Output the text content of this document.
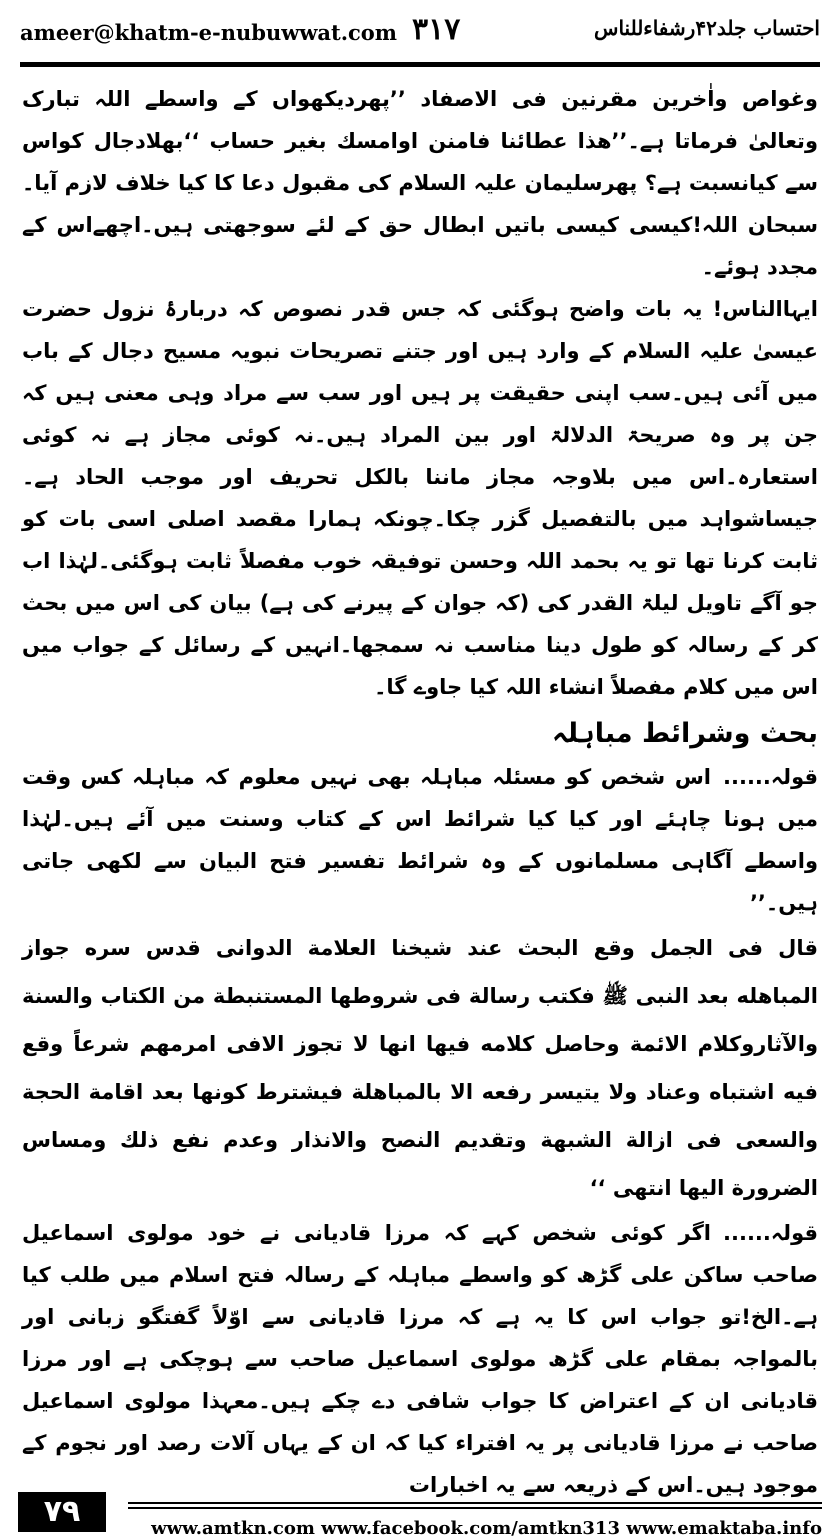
ameer@khatm-e-nubuwwat.com ۳۱۷	احتساب جلد۴۲رشفاءللناس

وغواص واٰخرين مقرنين فى الاصفاد ’’پھردیکھواں کے واسطے اللہ تبارک وتعالیٰ فرماتا ہے۔’’ھذا عطائنا فامنن اوامسك بغير حساب ‘‘بھلادجال کواس سے کیانسبت ہے؟ پھرسلیمان علیہ السلام کی مقبول دعا کا کیا خلاف لازم آیا۔سبحان اللہ!کیسی کیسی باتیں ابطال حق کے لئے سوجھتی ہیں۔اچھےاس کے مجدد ہوئے۔

ایہاالناس! یہ بات واضح ہوگئی کہ جس قدر نصوص کہ دربارۂ نزول حضرت عیسیٰ علیہ السلام کے وارد ہیں اور جتنے تصریحات نبویہ مسیح دجال کے باب میں آئی ہیں۔سب اپنی حقیقت پر ہیں اور سب سے مراد وہی معنی ہیں کہ جن پر وہ صریحۃ الدلالۃ اور بین المراد ہیں۔نہ کوئی مجاز ہے نہ کوئی استعارہ۔اس میں بلاوجہ مجاز ماننا بالکل تحریف اور موجب الحاد ہے۔جیساشواہد میں بالتفصیل گزر چکا۔چونکہ ہمارا مقصد اصلی اسی بات کو ثابت کرنا تھا تو یہ بحمد اللہ وحسن توفیقہ خوب مفصلاً ثابت ہوگئی۔لہٰذا اب جو آگے تاویل لیلۃ القدر کی (کہ جوان کے پیرنے کی ہے) بیان کی اس میں بحث کر کے رسالہ کو طول دینا مناسب نہ سمجھا۔انہیں کے رسائل کے جواب میں اس میں کلام مفصلاً انشاء اللہ کیا جاوے گا۔

بحث وشرائط مباہلہ

قولہ......اس شخص کو مسئلہ مباہلہ بھی نہیں معلوم کہ مباہلہ کس وقت میں ہونا چاہئے اور کیا کیا شرائط اس کے کتاب وسنت میں آئے ہیں۔لہٰذا واسطے آگاہی مسلمانوں کے وہ شرائط تفسیر فتح البیان سے لکھی جاتی ہیں۔’’

قال فى الجمل وقع البحث عند شيخنا العلامة الدوانى قدس سره جواز المباهله بعد النبى ﷺ فكتب رسالة فى شروطها المستنبطة من الكتاب والسنة والآثاروكلام الائمة وحاصل كلامه فيها انها لا تجوز الافى امرمهم شرعاً وقع فيه اشتباه وعناد ولا يتيسر رفعه الا بالمباهلة فيشترط كونها بعد اقامة الحجة والسعى فى ازالة الشبهة وتقديم النصح والانذار وعدم نفع ذلك ومساس الضرورة اليها انتهى ‘‘

قولہ......اگر کوئی شخص کہے کہ مرزا قادیانی نے خود مولوی اسماعیل صاحب ساکن علی گڑھ کو واسطے مباہلہ کے رسالہ فتح اسلام میں طلب کیا ہے۔الخ!تو جواب اس کا یہ ہے کہ مرزا قادیانی سے اوّلاً گفتگو زبانی اور بالمواجہ بمقام علی گڑھ مولوی اسماعیل صاحب سے ہوچکی ہے اور مرزا قادیانی ان کے اعتراض کا جواب شافی دے چکے ہیں۔معہذا مولوی اسماعیل صاحب نے مرزا قادیانی پر یہ افتراء کیا کہ ان کے یہاں آلات رصد اور نجوم کے موجود ہیں۔اس کے ذریعہ سے یہ اخبارات

۷۹	www.amtkn.com www.facebook.com/amtkn313 www.emaktaba.info
